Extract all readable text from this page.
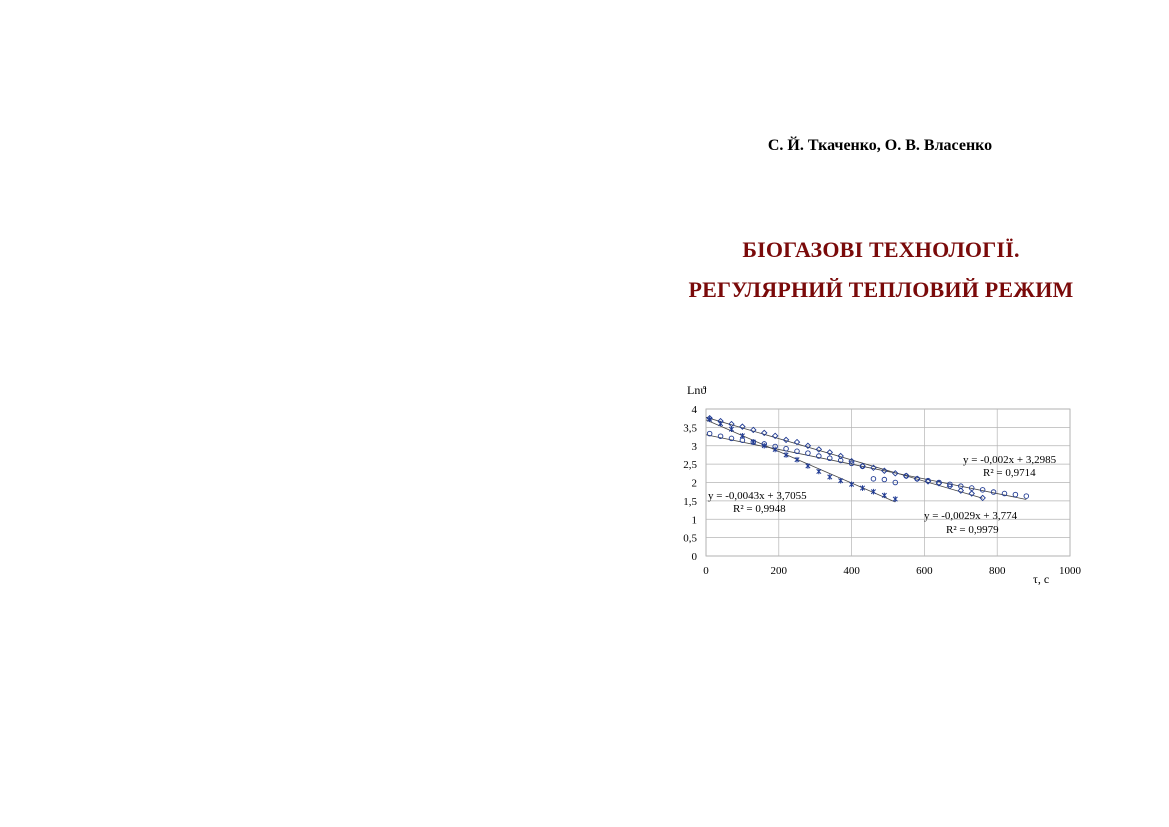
С. Й. Ткаченко, О. В. Власенко
БІОГАЗОВІ ТЕХНОЛОГІЇ.
РЕГУЛЯРНИЙ ТЕПЛОВИЙ РЕЖИМ
0
0,5
1
1,5
2
2,5
3
3,5
4
0	200	400	600	800	1000
Lnϑ
τ, с
y = -0,002x + 3,2985
R² = 0,9714
y = -0,0043x + 3,7055
R² = 0,9948
y = -0,0029x + 3,774
R² = 0,9979
